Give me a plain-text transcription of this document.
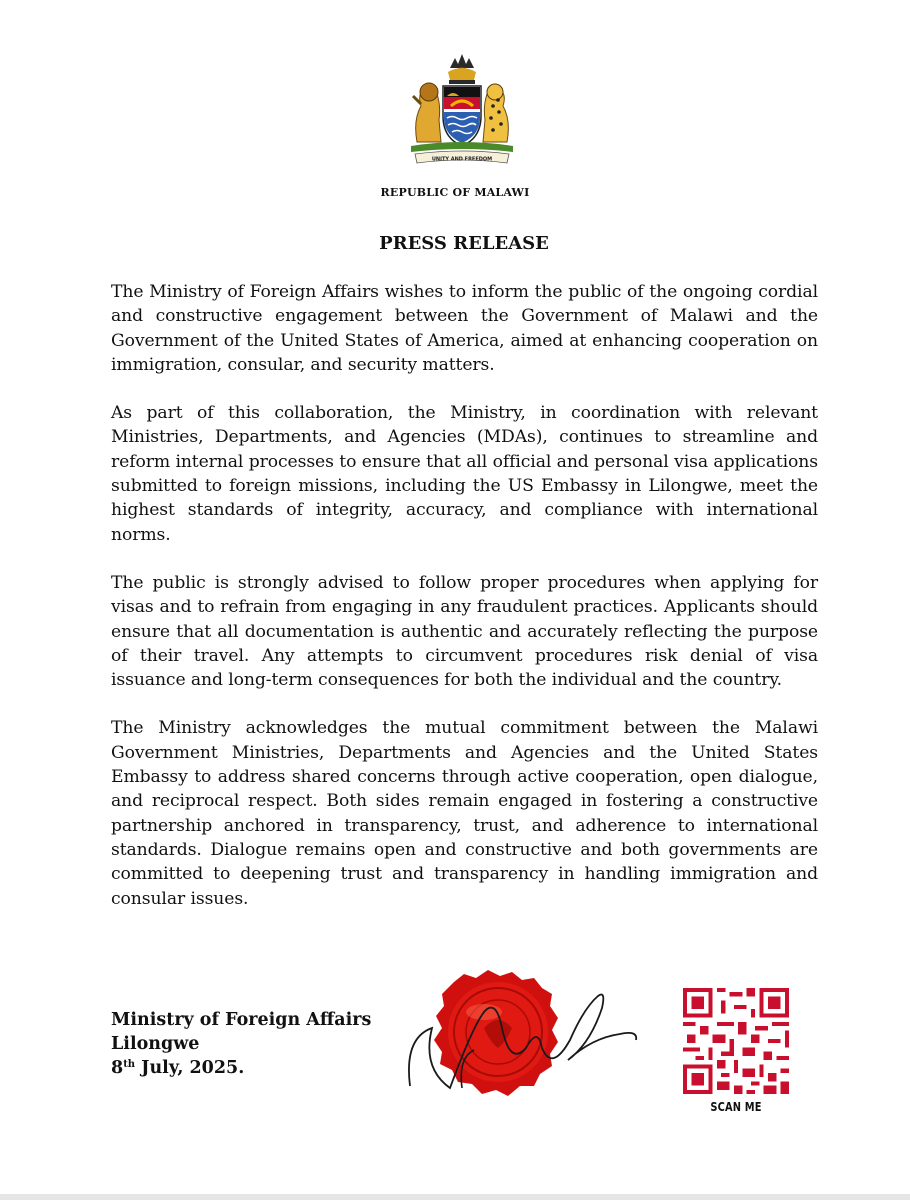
UNITY AND FREEDOM
REPUBLIC OF MALAWI
PRESS RELEASE

The Ministry of Foreign Affairs wishes to inform the public of the ongoing cordial and constructive engagement between the Government of Malawi and the Government of the United States of America, aimed at enhancing cooperation on immigration, consular, and security matters.

As part of this collaboration, the Ministry, in coordination with relevant Ministries, Departments, and Agencies (MDAs), continues to streamline and reform internal processes to ensure that all official and personal visa applications submitted to foreign missions, including the US Embassy in Lilongwe, meet the highest standards of integrity, accuracy, and compliance with international norms.

The public is strongly advised to follow proper procedures when applying for visas and to refrain from engaging in any fraudulent practices. Applicants should ensure that all documentation is authentic and accurately reflecting the purpose of their travel. Any attempts to circumvent procedures risk denial of visa issuance and long-term consequences for both the individual and the country.

The Ministry acknowledges the mutual commitment between the Malawi Government Ministries, Departments and Agencies and the United States Embassy to address shared concerns through active cooperation, open dialogue, and reciprocal respect. Both sides remain engaged in fostering a constructive partnership anchored in transparency, trust, and adherence to international standards. Dialogue remains open and constructive and both governments are committed to deepening trust and transparency in handling immigration and consular issues.

Ministry of Foreign Affairs
Lilongwe
8th July, 2025.
SCAN ME
